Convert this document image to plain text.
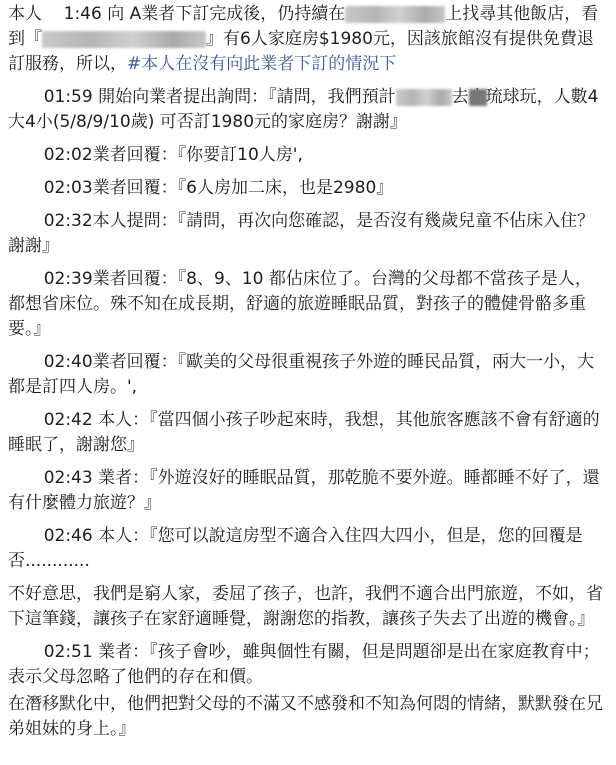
本人 1:46 向 A業者下訂完成後，仍持續在	上找尋其他飯店，看到『	』有6人家庭房$1980元，因該旅館沒有提供免費退訂服務，所以，#本人在沒有向此業者下訂的情況下

01:59 開始向業者提出詢問：『請問，我們預計	去小琉球玩，人數4大4小(5/8/9/10歲) 可否訂1980元的家庭房？謝謝』

02:02業者回覆：『你要訂10人房',

02:03業者回覆：『6人房加二床，也是2980』

02:32本人提問：『請問，再次向您確認，是否沒有幾歲兒童不佔床入住？謝謝』

02:39業者回覆：『8、9、10 都佔床位了。台灣的父母都不當孩子是人，都想省床位。殊不知在成長期，舒適的旅遊睡眠品質，對孩子的體健骨骼多重要。』

02:40業者回覆：『歐美的父母很重視孩子外遊的睡民品質，兩大一小，大都是訂四人房。',

02:42 本人：『當四個小孩子吵起來時，我想，其他旅客應該不會有舒適的睡眠了，謝謝您』

02:43 業者：『外遊沒好的睡眠品質，那乾脆不要外遊。睡都睡不好了，還有什麼體力旅遊？』

02:46 本人：『您可以說這房型不適合入住四大四小，但是，您的回覆是否............

不好意思，我們是窮人家，委屈了孩子，也許，我們不適合出門旅遊，不如，省下這筆錢，讓孩子在家舒適睡覺，謝謝您的指教，讓孩子失去了出遊的機會。』

02:51 業者：『孩子會吵，雖與個性有關，但是問題卻是出在家庭教育中；表示父母忽略了他們的存在和價。

在潛移默化中，他們把對父母的不滿又不感發和不知為何悶的情緒，默默發在兄弟姐妹的身上。』
